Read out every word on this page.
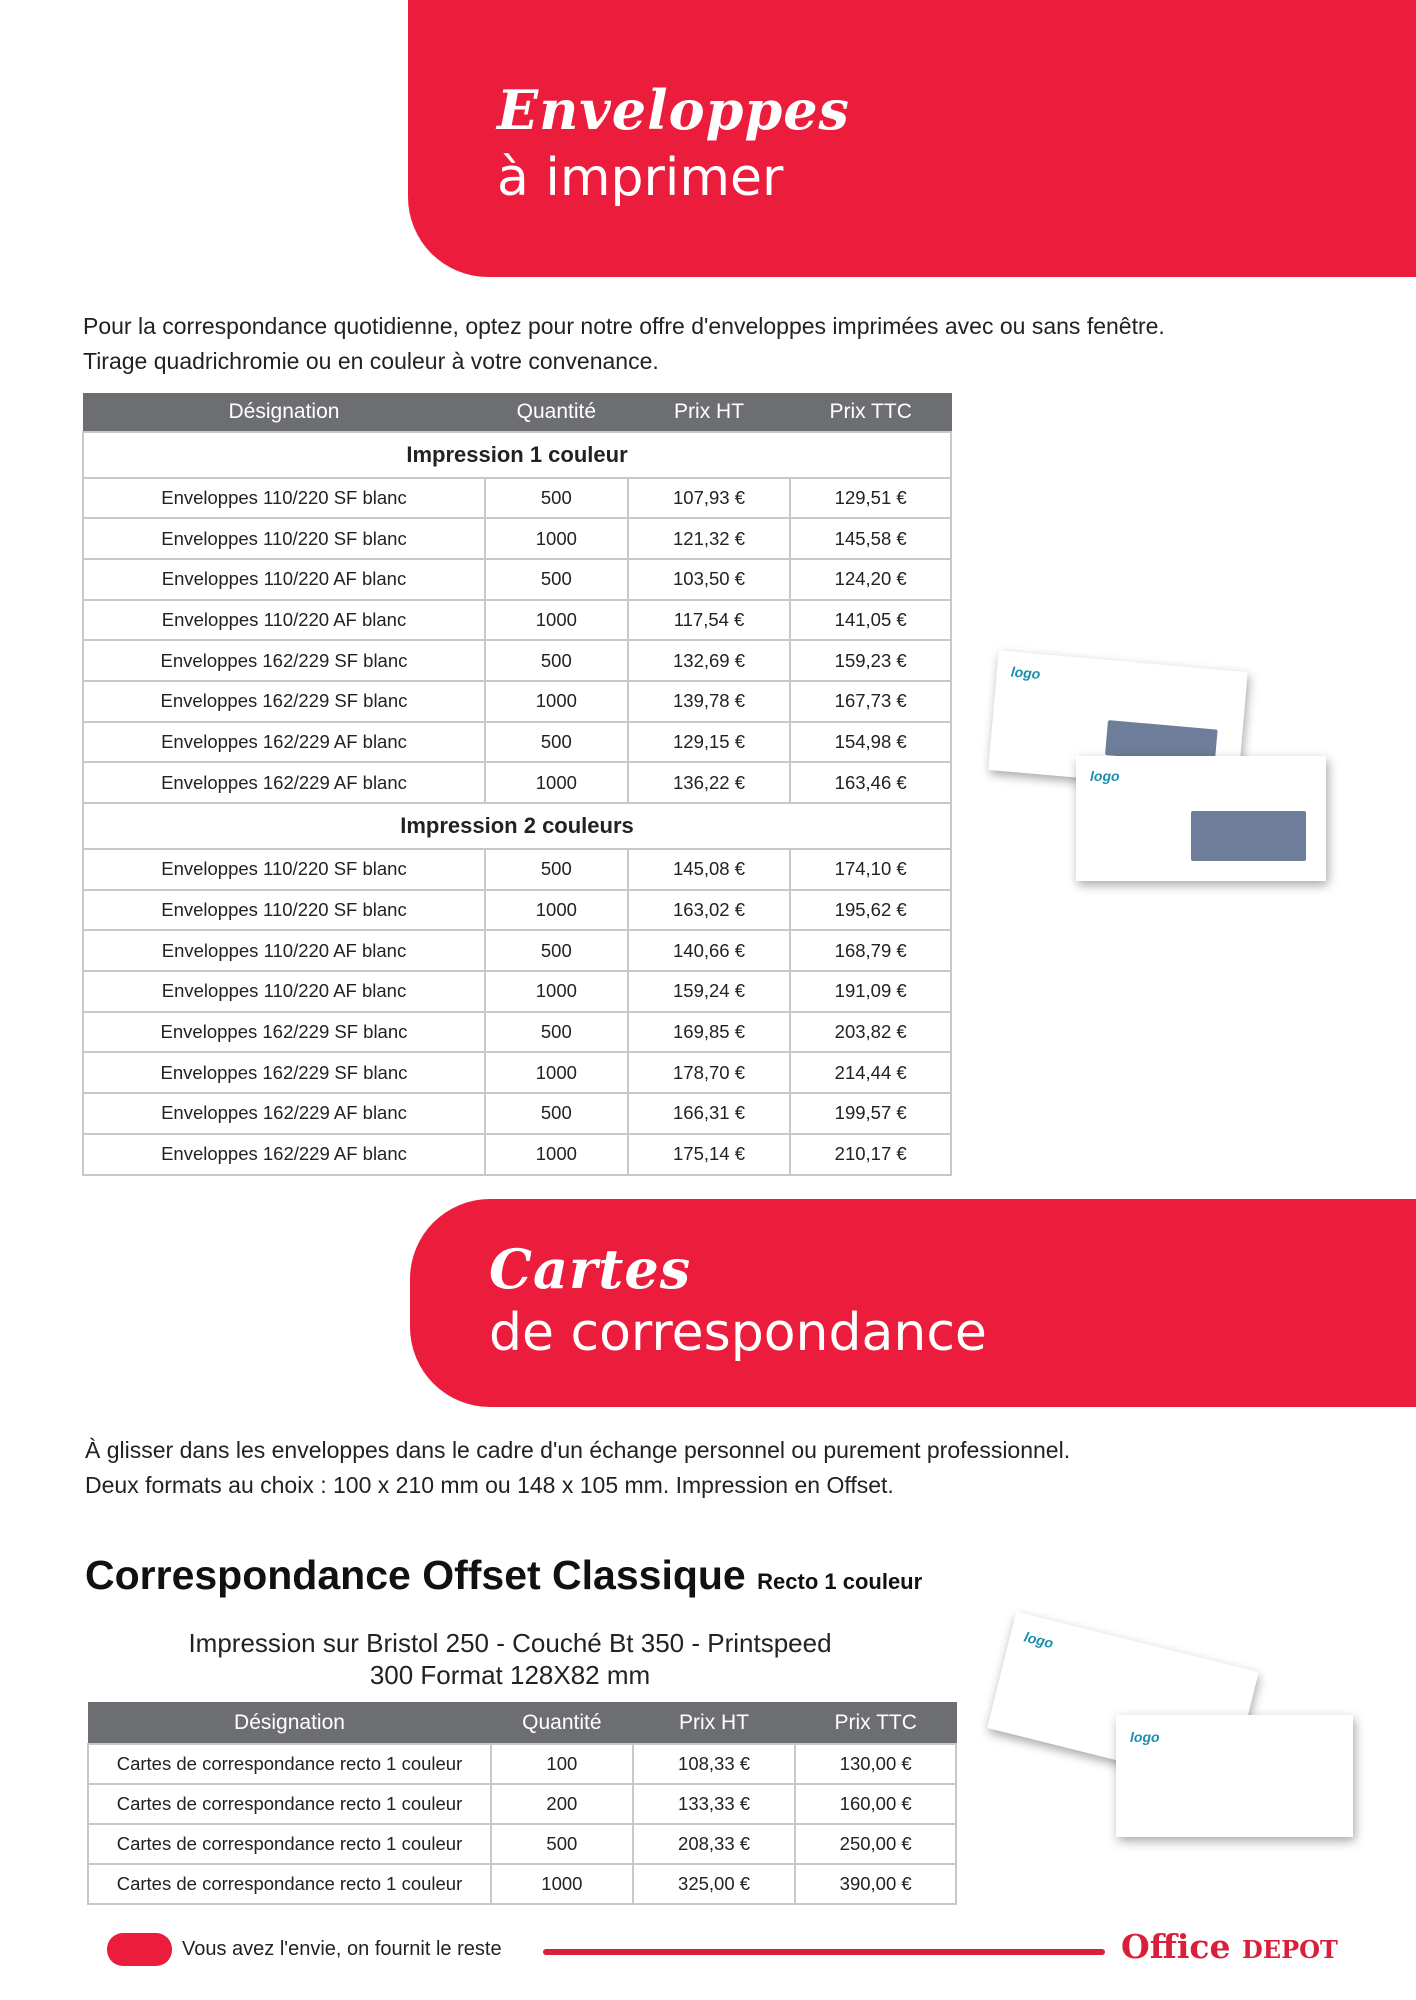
Enveloppes
à imprimer
Pour la correspondance quotidienne, optez pour notre offre d'enveloppes imprimées avec ou sans fenêtre.
Tirage quadrichromie ou en couleur à votre convenance.
Désignation	Quantité	Prix HT	Prix TTC
Impression 1 couleur			
Enveloppes 110/220 SF blanc	500	107,93 €	129,51 €
Enveloppes 110/220 SF blanc	1000	121,32 €	145,58 €
Enveloppes 110/220 AF blanc	500	103,50 €	124,20 €
Enveloppes 110/220 AF blanc	1000	117,54 €	141,05 €
Enveloppes 162/229 SF blanc	500	132,69 €	159,23 €
Enveloppes 162/229 SF blanc	1000	139,78 €	167,73 €
Enveloppes 162/229 AF blanc	500	129,15 €	154,98 €
Enveloppes 162/229 AF blanc	1000	136,22 €	163,46 €
Impression 2 couleurs			
Enveloppes 110/220 SF blanc	500	145,08 €	174,10 €
Enveloppes 110/220 SF blanc	1000	163,02 €	195,62 €
Enveloppes 110/220 AF blanc	500	140,66 €	168,79 €
Enveloppes 110/220 AF blanc	1000	159,24 €	191,09 €
Enveloppes 162/229 SF blanc	500	169,85 €	203,82 €
Enveloppes 162/229 SF blanc	1000	178,70 €	214,44 €
Enveloppes 162/229 AF blanc	500	166,31 €	199,57 €
Enveloppes 162/229 AF blanc	1000	175,14 €	210,17 €
logo
logo
Cartes
de correspondance
À glisser dans les enveloppes dans le cadre d'un échange personnel ou purement professionnel.
Deux formats au choix : 100 x 210 mm ou 148 x 105 mm. Impression en Offset.
Correspondance Offset Classique Recto 1 couleur
Impression sur Bristol 250 - Couché Bt 350 - Printspeed
300 Format 128X82 mm
Désignation	Quantité	Prix HT	Prix TTC
Cartes de correspondance recto 1 couleur	100	108,33 €	130,00 €
Cartes de correspondance recto 1 couleur	200	133,33 €	160,00 €
Cartes de correspondance recto 1 couleur	500	208,33 €	250,00 €
Cartes de correspondance recto 1 couleur	1000	325,00 €	390,00 €
logo
logo
Vous avez l'envie, on fournit le reste	Office DEPOT
